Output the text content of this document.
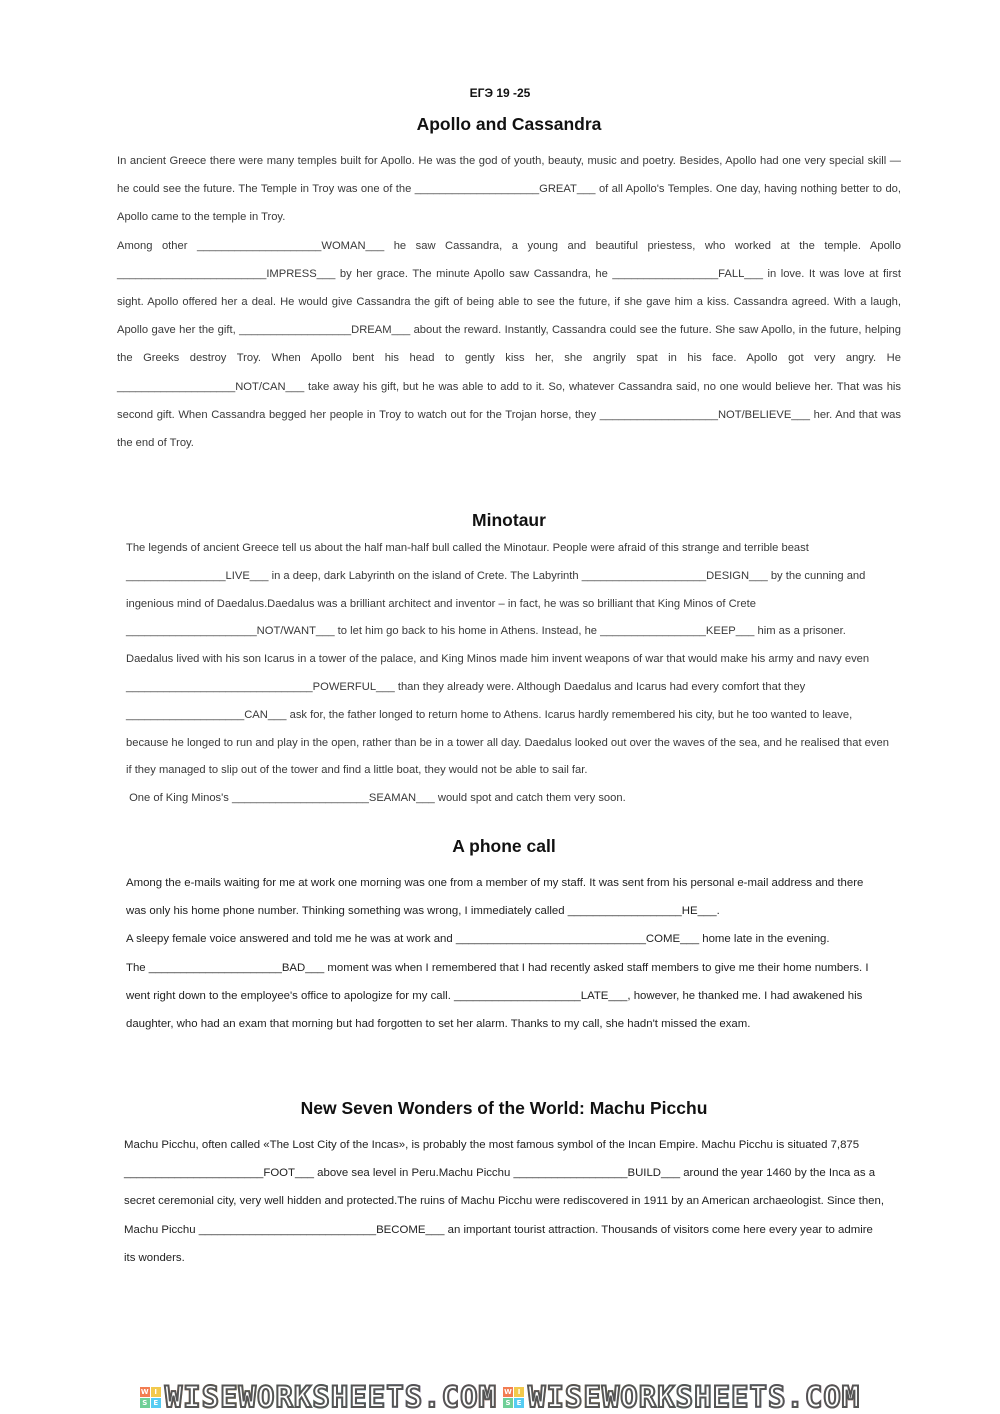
ЕГЭ 19 -25
Apollo and Cassandra

In ancient Greece there were many temples built for Apollo. He was the god of youth, beauty, music and poetry. Besides, Apollo had one very special skill — he could see the future. The Temple in Troy was one of the ____________________GREAT___ of all Apollo's Temples. One day, having nothing better to do, Apollo came to the temple in Troy.

Among other ____________________WOMAN___ he saw Cassandra, a young and beautiful priestess, who worked at the temple. Apollo ________________________IMPRESS___ by her grace. The minute Apollo saw Cassandra, he _________________FALL___ in love. It was love at first sight. Apollo offered her a deal. He would give Cassandra the gift of being able to see the future, if she gave him a kiss. Cassandra agreed. With a laugh, Apollo gave her the gift, __________________DREAM___ about the reward. Instantly, Cassandra could see the future. She saw Apollo, in the future, helping the Greeks destroy Troy. When Apollo bent his head to gently kiss her, she angrily spat in his face. Apollo got very angry. He ___________________NOT/CAN___ take away his gift, but he was able to add to it. So, whatever Cassandra said, no one would believe her. That was his second gift. When Cassandra begged her people in Troy to watch out for the Trojan horse, they ___________________NOT/BELIEVE___ her. And that was the end of Troy.

Minotaur

The legends of ancient Greece tell us about the half man-half bull called the Minotaur. People were afraid of this strange and terrible beast ________________LIVE___ in a deep, dark Labyrinth on the island of Crete. The Labyrinth ____________________DESIGN___ by the cunning and ingenious mind of Daedalus.Daedalus was a brilliant architect and inventor – in fact, he was so brilliant that King Minos of Crete _____________________NOT/WANT___ to let him go back to his home in Athens. Instead, he _________________KEEP___ him as a prisoner. Daedalus lived with his son Icarus in a tower of the palace, and King Minos made him invent weapons of war that would make his army and navy even ______________________________POWERFUL___ than they already were. Although Daedalus and Icarus had every comfort that they ___________________CAN___ ask for, the father longed to return home to Athens. Icarus hardly remembered his city, but he too wanted to leave, because he longed to run and play in the open, rather than be in a tower all day. Daedalus looked out over the waves of the sea, and he realised that even if they managed to slip out of the tower and find a little boat, they would not be able to sail far.

One of King Minos's ______________________SEAMAN___ would spot and catch them very soon.

A phone call

Among the e-mails waiting for me at work one morning was one from a member of my staff. It was sent from his personal e-mail address and there was only his home phone number. Thinking something was wrong, I immediately called __________________HE___.

A sleepy female voice answered and told me he was at work and ______________________________COME___ home late in the evening.

The _____________________BAD___ moment was when I remembered that I had recently asked staff members to give me their home numbers. I went right down to the employee's office to apologize for my call. ____________________LATE___, however, he thanked me. I had awakened his daughter, who had an exam that morning but had forgotten to set her alarm. Thanks to my call, she hadn't missed the exam.

New Seven Wonders of the World: Machu Picchu

Machu Picchu, often called «The Lost City of the Incas», is probably the most famous symbol of the Incan Empire. Machu Picchu is situated 7,875 ______________________FOOT___ above sea level in Peru.Machu Picchu __________________BUILD___ around the year 1460 by the Inca as a secret ceremonial city, very well hidden and protected.The ruins of Machu Picchu were rediscovered in 1911 by an American archaeologist. Since then, Machu Picchu ____________________________BECOME___ an important tourist attraction. Thousands of visitors come here every year to admire its wonders.

W I
S E WISEWORKSHEETS.COM W I
S E WISEWORKSHEETS.COM
